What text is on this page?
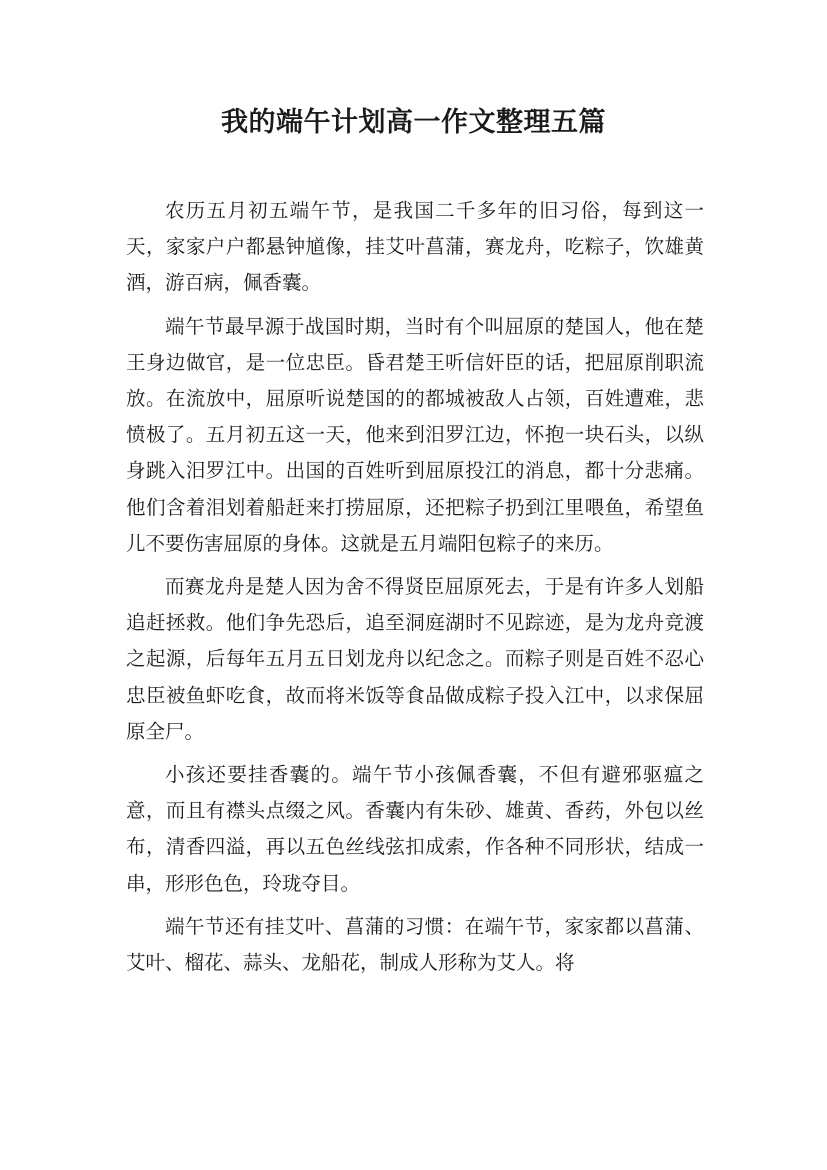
我的端午计划高一作文整理五篇

农历五月初五端午节，是我国二千多年的旧习俗，每到这一天，家家户户都悬钟馗像，挂艾叶菖蒲，赛龙舟，吃粽子，饮雄黄酒，游百病，佩香囊。

端午节最早源于战国时期，当时有个叫屈原的楚国人，他在楚王身边做官，是一位忠臣。昏君楚王听信奸臣的话，把屈原削职流放。在流放中，屈原听说楚国的的都城被敌人占领，百姓遭难，悲愤极了。五月初五这一天，他来到汨罗江边，怀抱一块石头，以纵身跳入汨罗江中。出国的百姓听到屈原投江的消息，都十分悲痛。他们含着泪划着船赶来打捞屈原，还把粽子扔到江里喂鱼，希望鱼儿不要伤害屈原的身体。这就是五月端阳包粽子的来历。

而赛龙舟是楚人因为舍不得贤臣屈原死去，于是有许多人划船追赶拯救。他们争先恐后，追至洞庭湖时不见踪迹，是为龙舟竞渡之起源，后每年五月五日划龙舟以纪念之。而粽子则是百姓不忍心忠臣被鱼虾吃食，故而将米饭等食品做成粽子投入江中，以求保屈原全尸。

小孩还要挂香囊的。端午节小孩佩香囊，不但有避邪驱瘟之意，而且有襟头点缀之风。香囊内有朱砂、雄黄、香药，外包以丝布，清香四溢，再以五色丝线弦扣成索，作各种不同形状，结成一串，形形色色，玲珑夺目。

端午节还有挂艾叶、菖蒲的习惯：在端午节，家家都以菖蒲、艾叶、榴花、蒜头、龙船花，制成人形称为艾人。将
